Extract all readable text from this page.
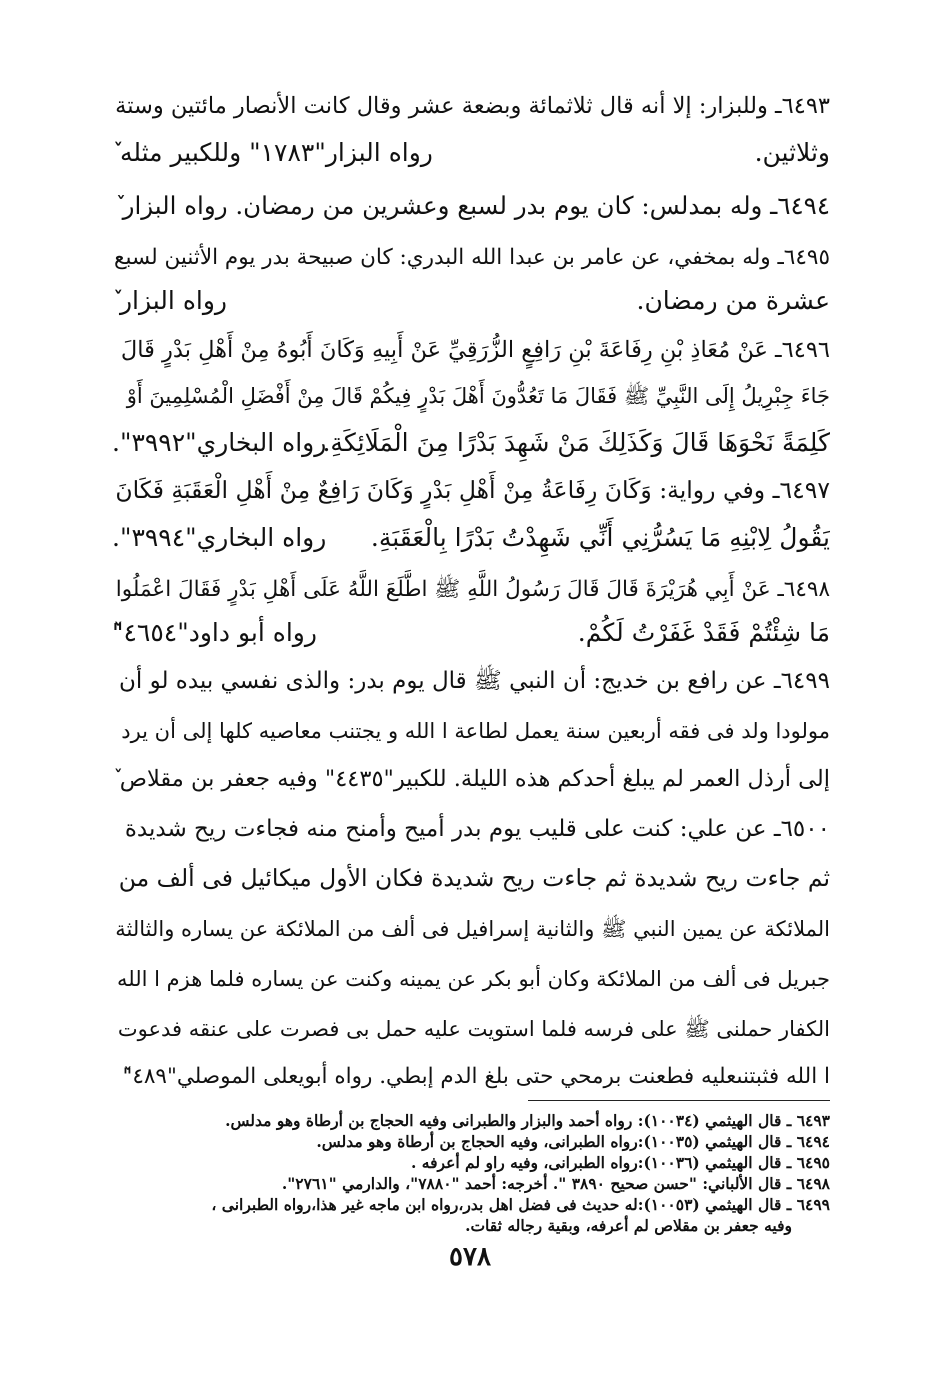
٦٤٩٣ـ وللبزار: إلا أنه قال ثلاثمائة وبضعة عشر وقال كانت الأنصار مائتين وستة
وثلاثين.
رواه البزار"١٧٨٣" وللكبير مثله ٚ
٦٤٩٤ـ وله بمدلس: كان يوم بدر لسبع وعشرين من رمضان. رواه البزار ٚ
٦٤٩٥ـ وله بمخفي، عن عامر بن عبدا الله البدري: كان صبيحة بدر يوم الأثنين لسبع
عشرة من رمضان.
رواه البزار ٚ
٦٤٩٦ـ عَنْ مُعَاذِ بْنِ رِفَاعَةَ بْنِ رَافِعٍ الزُّرَقِيِّ عَنْ أَبِيهِ وَكَانَ أَبُوهُ مِنْ أَهْلِ بَدْرٍ قَالَ
جَاءَ جِبْرِيلُ إِلَى النَّبِيِّ ﷺ فَقَالَ مَا تَعُدُّونَ أَهْلَ بَدْرٍ فِيكُمْ قَالَ مِنْ أَفْضَلِ الْمُسْلِمِينَ أَوْ
كَلِمَةً نَحْوَهَا قَالَ وَكَذَلِكَ مَنْ شَهِدَ بَدْرًا مِنَ الْمَلَائِكَةِ.
رواه البخاري"٣٩٩٢".
٦٤٩٧ـ وفي رواية: وَكَانَ رِفَاعَةُ مِنْ أَهْلِ بَدْرٍ وَكَانَ رَافِعٌ مِنْ أَهْلِ الْعَقَبَةِ فَكَانَ
يَقُولُ لِابْنِهِ مَا يَسُرُّنِي أَنِّي شَهِدْتُ بَدْرًا بِالْعَقَبَةِ.
رواه البخاري"٣٩٩٤".
٦٤٩٨ـ عَنْ أَبِي هُرَيْرَةَ قَالَ قَالَ رَسُولُ اللَّهِ ﷺ اطَّلَعَ اللَّهُ عَلَى أَهْلِ بَدْرٍ فَقَالَ اعْمَلُوا
مَا شِئْتُمْ فَقَدْ غَفَرْتُ لَكُمْ.
رواه أبو داود"٤٦٥٤"ٚ
٦٤٩٩ـ عن رافع بن خديج: أن النبي ﷺ قال يوم بدر: والذى نفسي بيده لو أن
مولودا ولد فى فقه أربعين سنة يعمل لطاعة ا الله و يجتنب معاصيه كلها إلى أن يرد
إلى أرذل العمر لم يبلغ أحدكم هذه الليلة. للكبير"٤٤٣٥" وفيه جعفر بن مقلاص ٚ
٦٥٠٠ـ عن علي: كنت على قليب يوم بدر أميح وأمنح منه فجاءت ريح شديدة
ثم جاءت ريح شديدة ثم جاءت ريح شديدة فكان الأول ميكائيل فى ألف من
الملائكة عن يمين النبي ﷺ والثانية إسرافيل فى ألف من الملائكة عن يساره والثالثة
جبريل فى ألف من الملائكة وكان أبو بكر عن يمينه وكنت عن يساره فلما هزم ا الله
الكفار حملنى ﷺ على فرسه فلما استويت عليه حمل بى فصرت على عنقه فدعوت
ا الله فثبتنىعليه فطعنت برمحي حتى بلغ الدم إبطي. رواه أبويعلى الموصلي"٤٨٩"ٚ
٦٤٩٣ ـ قال الهيثمي (١٠٠٣٤): رواه أحمد والبزار والطبرانى وفيه الحجاج بن أرطاة وهو مدلس.
٦٤٩٤ ـ قال الهيثمي (١٠٠٣٥):رواه الطبرانى، وفيه الحجاج بن أرطاة وهو مدلس.
٦٤٩٥ ـ قال الهيثمي (١٠٠٣٦):رواه الطبرانى، وفيه راو لم أعرفه .
٦٤٩٨ ـ قال الألباني: "حسن صحيح ٣٨٩٠ ". أخرجه: أحمد "٧٨٨٠"، والدارمي "٢٧٦١".
٦٤٩٩ ـ قال الهيثمي (١٠٠٥٣):له حديث فى فضل اهل بدر،رواه ابن ماجه غير هذا،رواه الطبرانى ،
وفيه جعفر بن مقلاص لم أعرفه، وبقية رجاله ثقات.
٥٧٨
